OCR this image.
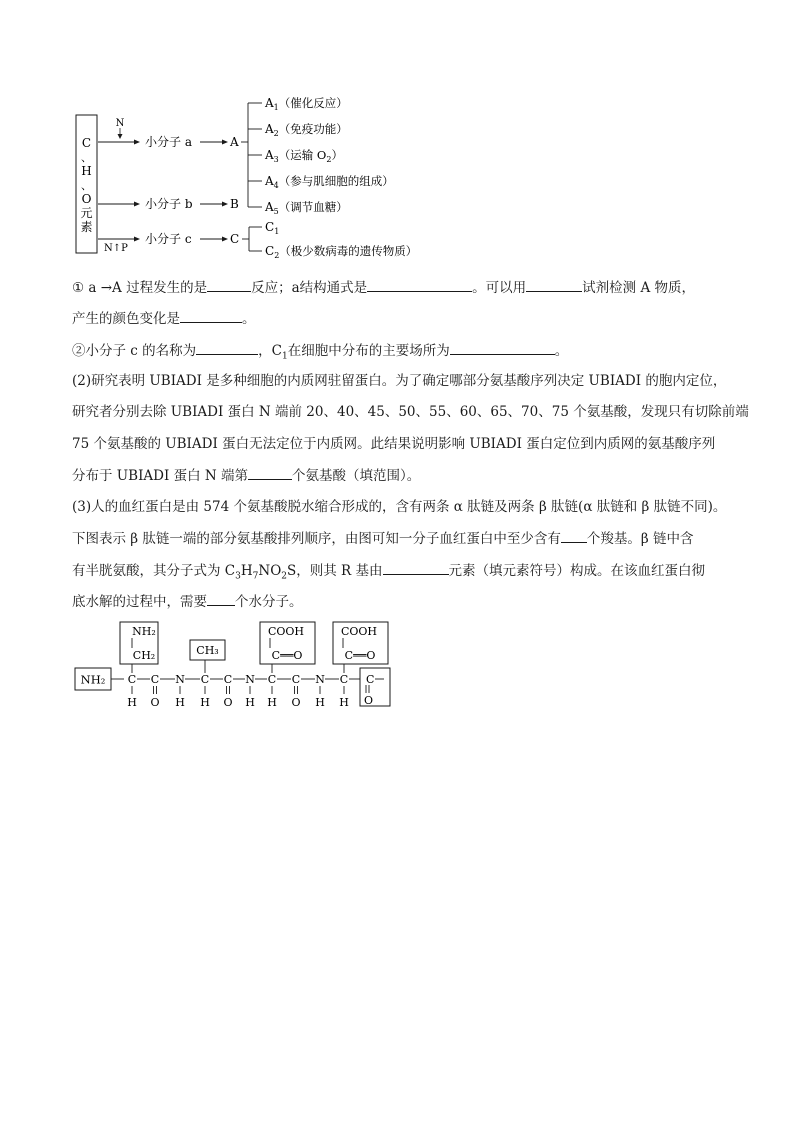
C
、
H
、
O
元
素
N
小分子 a	A
$A_1$（催化反应）
$A_2$（免疫功能）
$A_3$（运输 $O_2$）
$A_4$（参与肌细胞的组成）
$A_5$（调节血糖）
小分子 b	B
N↑P
小分子 c	C
$C_1$
$C_2$（极少数病毒的遗传物质）
① a →A 过程发生的是	反应；a结构通式是	。可以用	试剂检测 A 物质，
产生的颜色变化是	。
②小分子 c 的名称为	，$C_1$在细胞中分布的主要场所为	。
(2)研究表明 UBIADI 是多种细胞的内质网驻留蛋白。为了确定哪部分氨基酸序列决定 UBIADI 的胞内定位，
研究者分别去除 UBIADI 蛋白 N 端前 20、40、45、50、55、60、65、70、75 个氨基酸，发现只有切除前端
75 个氨基酸的 UBIADI 蛋白无法定位于内质网。此结果说明影响 UBIADI 蛋白定位到内质网的氨基酸序列
分布于 UBIADI 蛋白 N 端第	个氨基酸（填范围）。
(3)人的血红蛋白是由 574 个氨基酸脱水缩合形成的，含有两条 α 肽链及两条 β 肽链(α 肽链和 β 肽链不同)。
下图表示 β 肽链一端的部分氨基酸排列顺序，由图可知一分子血红蛋白中至少含有 个羧基。β 链中含
有半胱氨酸，其分子式为 $C_3H_7NO_2S$，则其 R 基由	元素（填元素符号）构成。在该血红蛋白彻
底水解的过程中，需要 个水分子。
NH₂
NH₂
CH₂	CH₃
COOH
C══O
COOH
C══O
C C N C C N C C N C
H	H H	H H	H H
O	O	O
C
O
